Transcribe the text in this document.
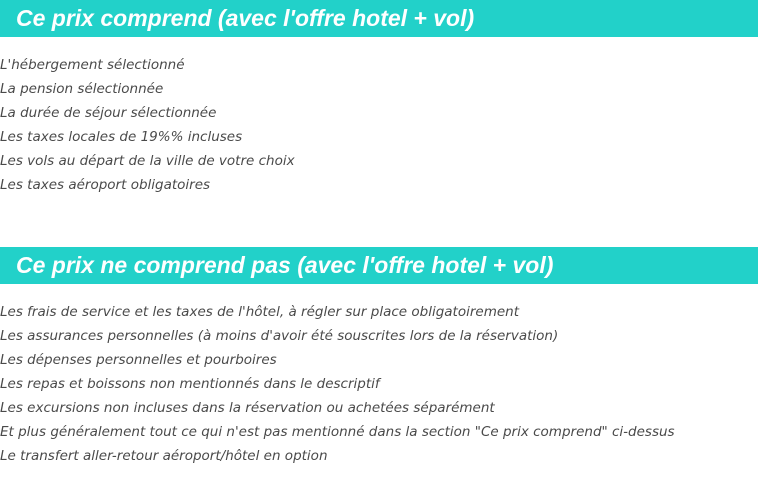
Ce prix comprend (avec l'offre hotel + vol)
L'hébergement sélectionné
La pension sélectionnée
La durée de séjour sélectionnée
Les taxes locales de 19%% incluses
Les vols au départ de la ville de votre choix
Les taxes aéroport obligatoires
Ce prix ne comprend pas (avec l'offre hotel + vol)
Les frais de service et les taxes de l'hôtel, à régler sur place obligatoirement
Les assurances personnelles (à moins d'avoir été souscrites lors de la réservation)
Les dépenses personnelles et pourboires
Les repas et boissons non mentionnés dans le descriptif
Les excursions non incluses dans la réservation ou achetées séparément
Et plus généralement tout ce qui n'est pas mentionné dans la section "Ce prix comprend" ci-dessus
Le transfert aller-retour aéroport/hôtel en option
